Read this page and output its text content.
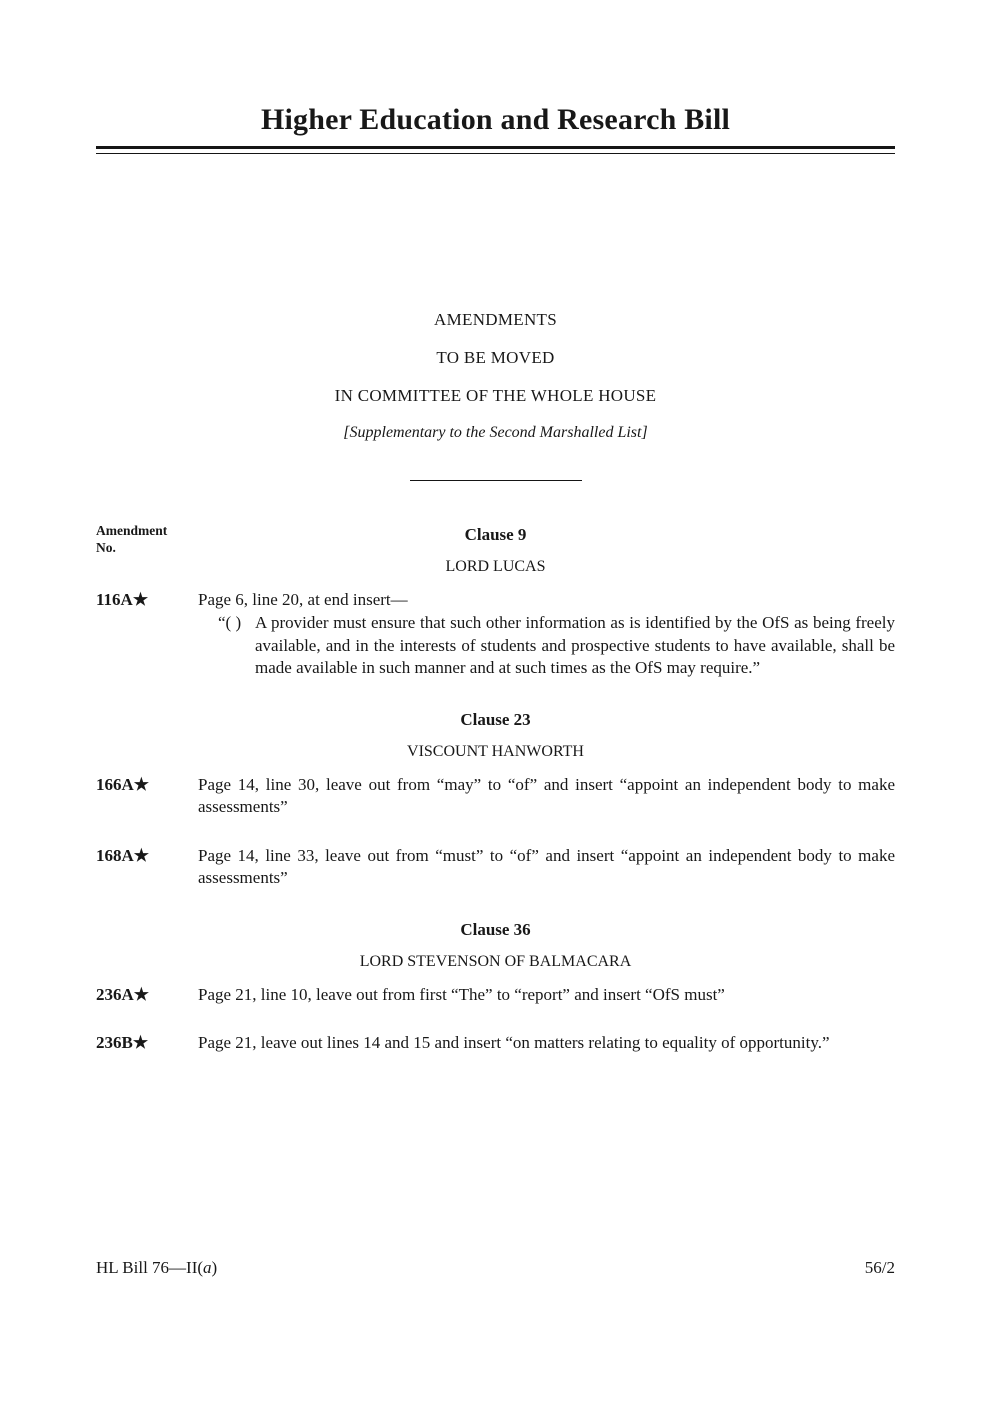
Higher Education and Research Bill
AMENDMENTS
TO BE MOVED
IN COMMITTEE OF THE WHOLE HOUSE
[Supplementary to the Second Marshalled List]
Amendment
No.
Clause 9
LORD LUCAS
116A★	Page 6, line 20, at end insert—

“( ) A provider must ensure that such other information as is identified by the OfS as being freely available, and in the interests of students and prospective students to have available, shall be made available in such manner and at such times as the OfS may require.”

Clause 23
VISCOUNT HANWORTH
166A★	Page 14, line 30, leave out from “may” to “of” and insert “appoint an independent body to make assessments”

168A★	Page 14, line 33, leave out from “must” to “of” and insert “appoint an independent body to make assessments”

Clause 36
LORD STEVENSON OF BALMACARA
236A★	Page 21, line 10, leave out from first “The” to “report” and insert “OfS must”

236B★	Page 21, leave out lines 14 and 15 and insert “on matters relating to equality of opportunity.”

HL Bill 76—II(a)	56/2
